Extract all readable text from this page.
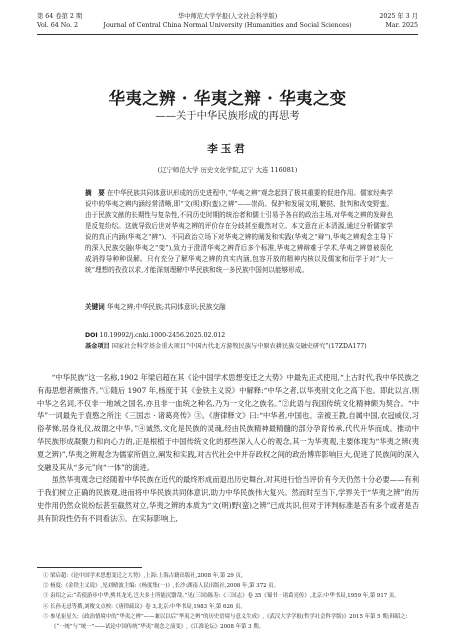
第 64 卷第 2 期
Vol. 64 No. 2
华中师范大学学报(人文社会科学版)
Journal of Central China Normal University (Humanities and Social Sciences)
2025 年 3 月
Mar. 2025
华夷之辨 · 华夷之辩 · 华夷之变
——关于中华民族形成的再思考
李玉君
(辽宁师范大学 历史文化学院,辽宁 大连 116081)
摘　要 在中华民族共同体意识形成的历史进程中,“华夷之辨”观念起到了极其重要的促进作用。儒家经典学说中的华夷之辨内涵经常清晰,即“文(明)野(蛮)之辨”——崇尚、保护和发展文明,鞭挞、批判和改变野蛮。由于民族文献的长期性与复杂性,不同历史时期的统治者和儒士引易予各自的政治主场,对华夷之辨的发辩也是反复纷纭。这就导致后世对华夷之辨的评价存在分歧甚至截然对立。本文意在正本清源,通过分析儒家学说的真正内涵(华夷之“辨”)、不同政治立场下对华夷之辨的阐发和实践(华夷之“辩”),华夷之辨观念主导下的深入民族交融(华夷之“变”),致力于澄清华夷之辨背后多个标准,华夷之辨辩难于学术,华夷之辨曾被误化成消得导种种误解。只有充分了解华夷之辨的真实内涵,包容开放的精神内核以及儒家和衍学于对“大一统”理想的孜孜以求,才能深刻理解中华民族和统一多民族中国何以能够形成。
关键词 华夷之辨;中华民族;共同体意识;民族交融
DOI 10.19992/j.cnki.1000-2456.2025.02.012
基金项目 国家社会科学基金重大项目“中国古代北方游牧民族与中原农耕民族交融史研究”(17ZDA177)

“中华民族”这一名称,1902 年梁启超在其《论中国学术思想变迁之大势》中最先正式使用,“上古时代,我中华民族之有海思想者厥惟齐。”①随后 1907 年,杨度于其《金铁主义说》中解释:“中华之者,以华夷别文化之高下也。即此以言,则中华之名词,不仅非一地域之国名,亦且非一血统之种名,乃为一文化之族名。”②此语与我国传统文化精神颇为契合。“中华”一词最先于袁愍之所注《三国志 · 诸葛亮传》③。《唐律释文》曰:“中华者,中国也。亲被王教,自属中国,衣冠威仪,习俗孝悌,居身礼仪,故谓之中华。”④诚然,文化是民族的灵魂,经由民族精神最精髓的部分孕育传承,代代升华而成。推动中华民族形成凝聚力和向心力的,正是根植于中国传统文化的那些深入人心的观念,其一为华夷观,主要体现为“华夷之辨(夷夏之辨)”,华夷之辨观念为儒家所倡立,阐发和实践,对古代社会中并存政权之间的政治博弈影响巨大,促进了民族间的深入交融及其从“多元”向“一体”的演进。

虽然华夷观念已经随着中华民族在近代的最终形成而退出历史舞台,对其进行恰当评价有今天仍然十分必要——有利于我们树立正确的民族观,进而将中华民族共同体意识,助力中华民族伟大复兴。然而时至当下,学界关于“华夷之辨”的历史作用仍然众说纷纭甚至截然对立,华夷之辨的本质为“文(明)野(蛮)之辨”已成共识,但对于评判标准是否有多个或者是否具有阶段性仍有不同看法⑤。在实际影响上,

① 梁启超:《论中国学术思想变迁之大势》,上海:上海古籍出版社,2008 年,第 29 页。
② 杨度:《金铁主义说》,见刘晴波主编:《杨度集(一)》,长沙:湖南人民出版社,2008 年,第 372 页。
③ 袁绍之云:“若使游步中华,骋其龙光,岂夫多士所能沉翳哉。”见(三国)陈寿:《三国志》卷 35《蜀书 · 诸葛亮传》,北京:中华书局,1959 年,第 917 页。
④ 长孙无忌等撰,刘俊文点校:《唐律疏议》卷 3,北京:中华书局,1983 年,第 626 页。
⑤ 参见崔星久:《政治情境中的“华夷之辨”——兼以以后“华夷之辨”的历史语境与意义生成》,《武汉大学学报(哲学社会科学版)》2015 年第 5 期;韩昭之:《“一统”与“统一”——试论中国传统“华夷”观念之演变》,《江淮论坛》2008 年第 3 期。
